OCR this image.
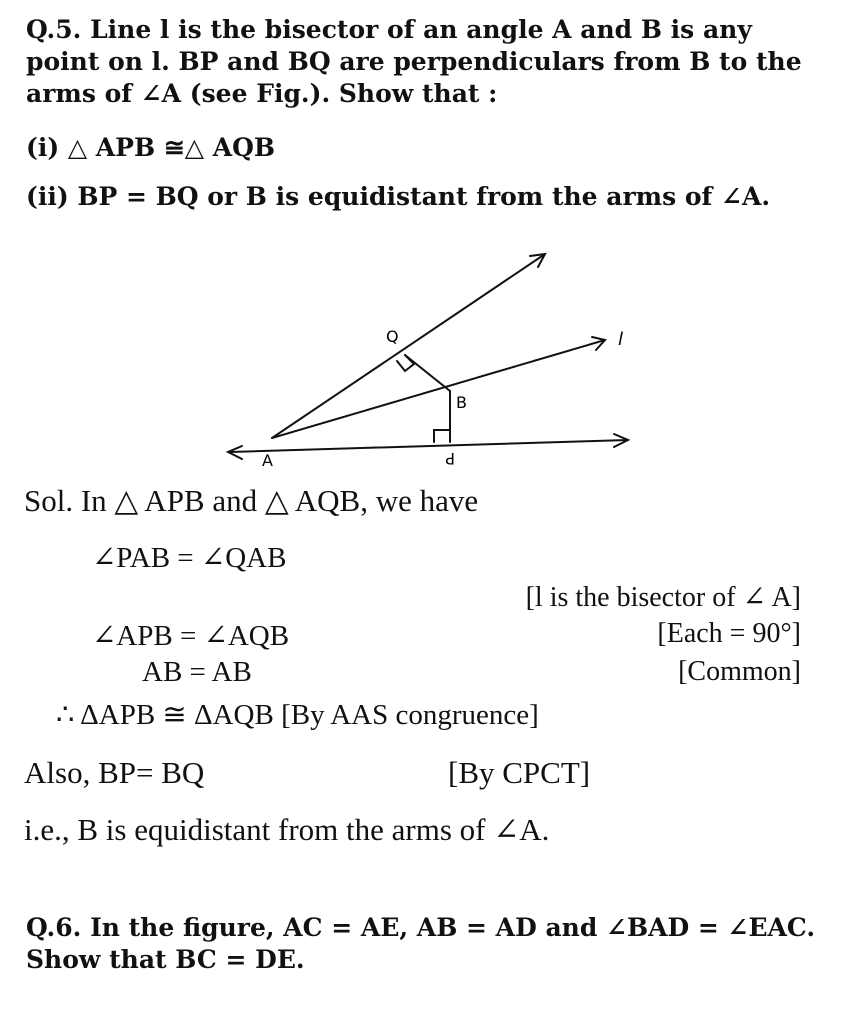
Q.5. Line l is the bisector of an angle A and B is any
point on l. BP and BQ are perpendiculars from B to the
arms of ∠A (see Fig.). Show that :
(i) △ APB ≅△ AQB
(ii) BP = BQ or B is equidistant from the arms of ∠A.
A
B
Q
P
l
Sol. In △ APB and △ AQB, we have
∠PAB = ∠QAB
[l is the bisector of ∠ A]
∠APB = ∠AQB	[Each = 90°]
AB = AB	[Common]
∴ ΔAPB ≅ ΔAQB [By AAS congruence]
Also, BP= BQ	[By CPCT]
i.e., B is equidistant from the arms of ∠A.
Q.6. In the figure, AC = AE, AB = AD and ∠BAD = ∠EAC.
Show that BC = DE.
